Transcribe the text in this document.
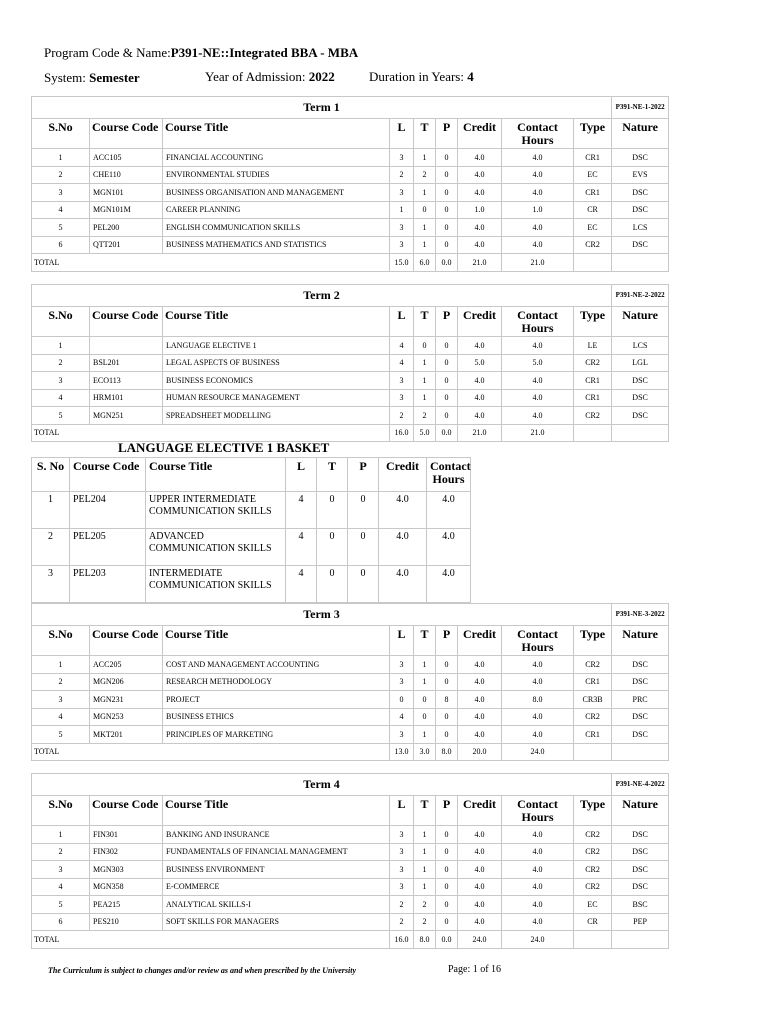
Program Code & Name:P391-NE::Integrated BBA - MBA
System: Semester	Year of Admission: 2022	Duration in Years: 4
Term 1									P391-NE-1-2022
S.No	Course Code	Course Title	L	T	P	Credit	Contact Hours	Type	Nature
1	ACC105	FINANCIAL ACCOUNTING	3	1	0	4.0	4.0	CR1	DSC
2	CHE110	ENVIRONMENTAL STUDIES	2	2	0	4.0	4.0	EC	EVS
3	MGN101	BUSINESS ORGANISATION AND MANAGEMENT	3	1	0	4.0	4.0	CR1	DSC
4	MGN101M	CAREER PLANNING	1	0	0	1.0	1.0	CR	DSC
5	PEL200	ENGLISH COMMUNICATION SKILLS	3	1	0	4.0	4.0	EC	LCS
6	QTT201	BUSINESS MATHEMATICS AND STATISTICS	3	1	0	4.0	4.0	CR2	DSC
TOTAL			15.0	6.0	0.0	21.0	21.0		
Term 2									P391-NE-2-2022
S.No	Course Code	Course Title	L	T	P	Credit	Contact Hours	Type	Nature
1		LANGUAGE ELECTIVE 1	4	0	0	4.0	4.0	LE	LCS
2	BSL201	LEGAL ASPECTS OF BUSINESS	4	1	0	5.0	5.0	CR2	LGL
3	ECO113	BUSINESS ECONOMICS	3	1	0	4.0	4.0	CR1	DSC
4	HRM101	HUMAN RESOURCE MANAGEMENT	3	1	0	4.0	4.0	CR1	DSC
5	MGN251	SPREADSHEET MODELLING	2	2	0	4.0	4.0	CR2	DSC
TOTAL			16.0	5.0	0.0	21.0	21.0		
LANGUAGE ELECTIVE 1 BASKET
S. No	Course Code	Course Title	L	T	P	Credit	Contact Hours
1	PEL204	UPPER INTERMEDIATE COMMUNICATION SKILLS	4	0	0	4.0	4.0
2	PEL205	ADVANCED COMMUNICATION SKILLS	4	0	0	4.0	4.0
3	PEL203	INTERMEDIATE COMMUNICATION SKILLS	4	0	0	4.0	4.0
Term 3									P391-NE-3-2022
S.No	Course Code	Course Title	L	T	P	Credit	Contact Hours	Type	Nature
1	ACC205	COST AND MANAGEMENT ACCOUNTING	3	1	0	4.0	4.0	CR2	DSC
2	MGN206	RESEARCH METHODOLOGY	3	1	0	4.0	4.0	CR1	DSC
3	MGN231	PROJECT	0	0	8	4.0	8.0	CR3B	PRC
4	MGN253	BUSINESS ETHICS	4	0	0	4.0	4.0	CR2	DSC
5	MKT201	PRINCIPLES OF MARKETING	3	1	0	4.0	4.0	CR1	DSC
TOTAL			13.0	3.0	8.0	20.0	24.0		
Term 4									P391-NE-4-2022
S.No	Course Code	Course Title	L	T	P	Credit	Contact Hours	Type	Nature
1	FIN301	BANKING AND INSURANCE	3	1	0	4.0	4.0	CR2	DSC
2	FIN302	FUNDAMENTALS OF FINANCIAL MANAGEMENT	3	1	0	4.0	4.0	CR2	DSC
3	MGN303	BUSINESS ENVIRONMENT	3	1	0	4.0	4.0	CR2	DSC
4	MGN358	E-COMMERCE	3	1	0	4.0	4.0	CR2	DSC
5	PEA215	ANALYTICAL SKILLS-I	2	2	0	4.0	4.0	EC	BSC
6	PES210	SOFT SKILLS FOR MANAGERS	2	2	0	4.0	4.0	CR	PEP
TOTAL			16.0	8.0	0.0	24.0	24.0		
The Curriculum is subject to changes and/or review as and when prescribed by the University	Page: 1 of 16
